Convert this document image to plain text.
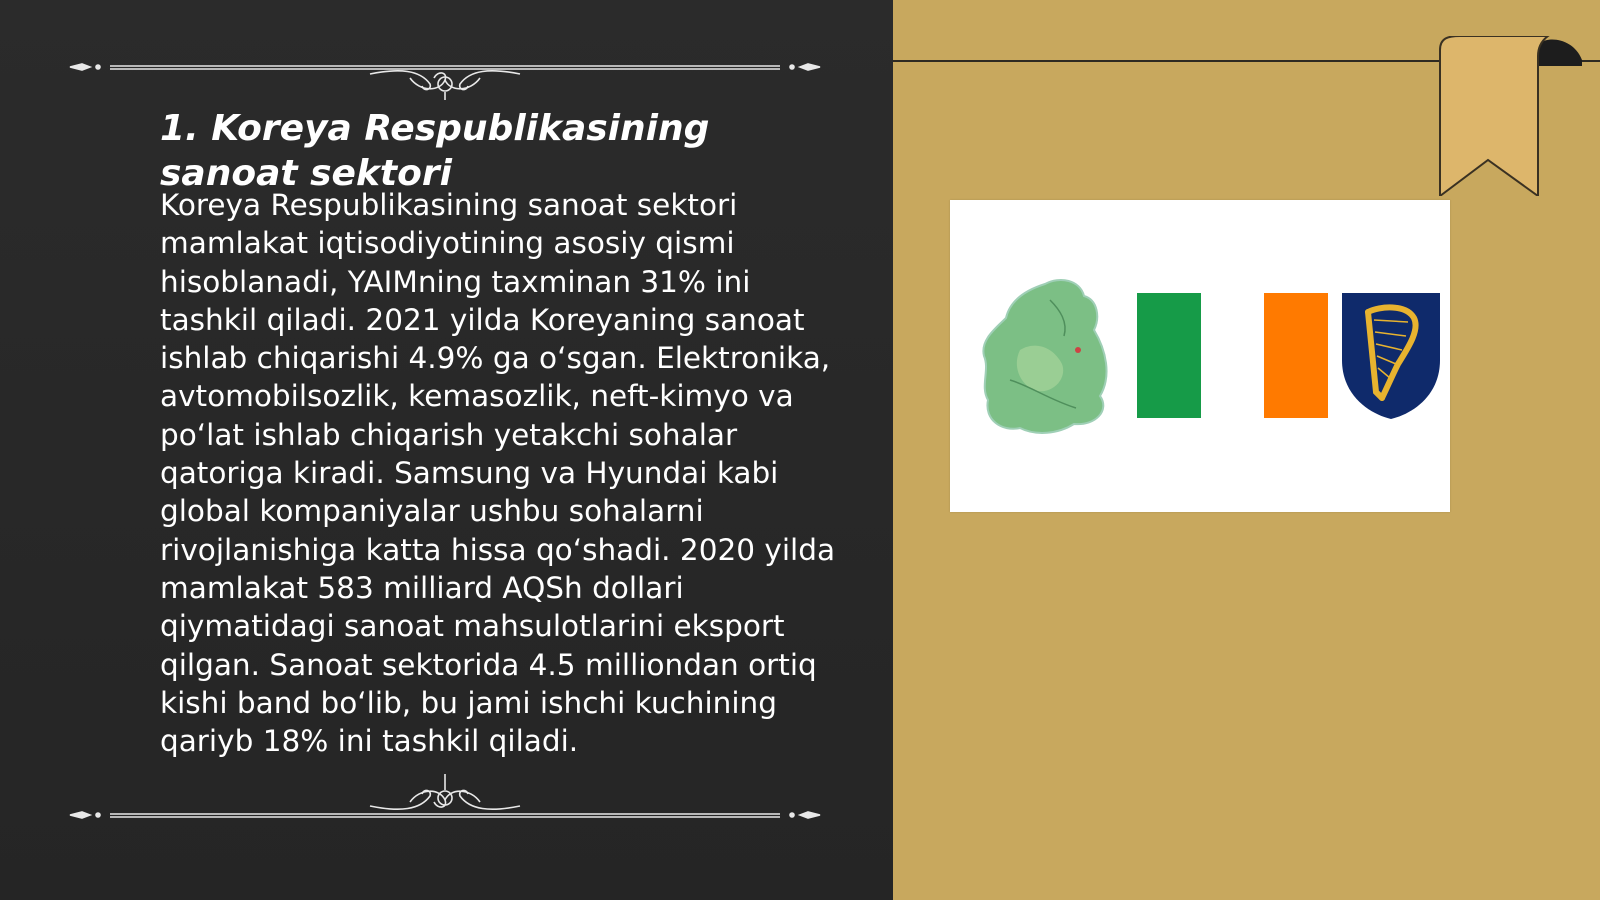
1. Koreya Respublikasining sanoat sektori

Koreya Respublikasining sanoat sektori mamlakat iqtisodiyotining asosiy qismi hisoblanadi, YAIMning taxminan 31% ini tashkil qiladi. 2021 yilda Koreyaning sanoat ishlab chiqarishi 4.9% ga o‘sgan. Elektronika, avtomobilsozlik, kemasozlik, neft-kimyo va po‘lat ishlab chiqarish yetakchi sohalar qatoriga kiradi. Samsung va Hyundai kabi global kompaniyalar ushbu sohalarni rivojlanishiga katta hissa qo‘shadi. 2020 yilda mamlakat 583 milliard AQSh dollari qiymatidagi sanoat mahsulotlarini eksport qilgan. Sanoat sektorida 4.5 milliondan ortiq kishi band bo‘lib, bu jami ishchi kuchining qariyb 18% ini tashkil qiladi.
